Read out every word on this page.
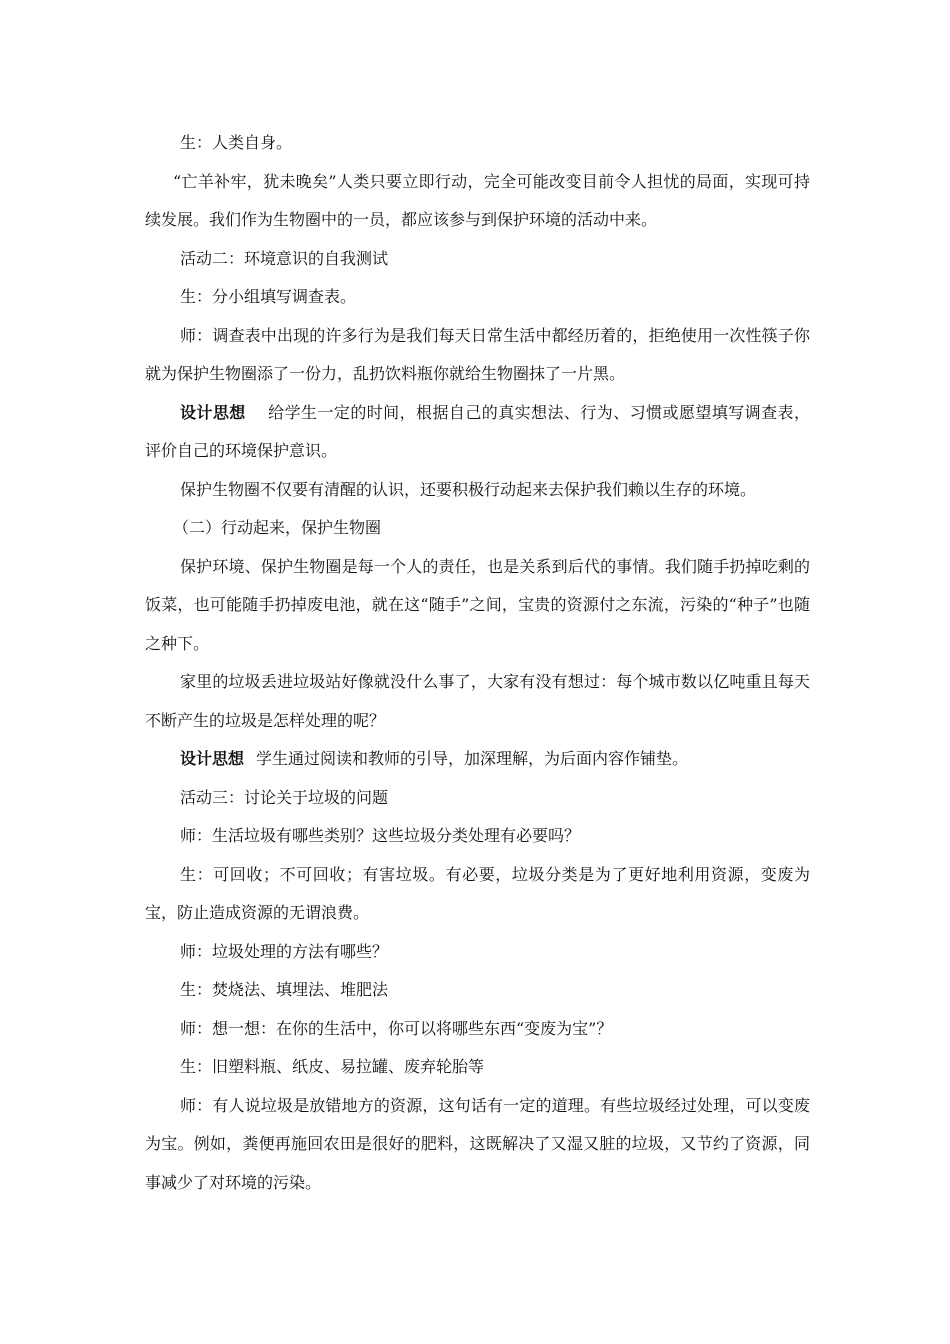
生：人类自身。

“亡羊补牢，犹未晚矣”人类只要立即行动，完全可能改变目前令人担忧的局面，实现可持续发展。我们作为生物圈中的一员，都应该参与到保护环境的活动中来。

活动二：环境意识的自我测试

生：分小组填写调查表。

师：调查表中出现的许多行为是我们每天日常生活中都经历着的，拒绝使用一次性筷子你就为保护生物圈添了一份力，乱扔饮料瓶你就给生物圈抹了一片黑。

设计思想 给学生一定的时间，根据自己的真实想法、行为、习惯或愿望填写调查表，评价自己的环境保护意识。

保护生物圈不仅要有清醒的认识，还要积极行动起来去保护我们赖以生存的环境。

（二）行动起来，保护生物圈

保护环境、保护生物圈是每一个人的责任，也是关系到后代的事情。我们随手扔掉吃剩的饭菜，也可能随手扔掉废电池，就在这“随手”之间，宝贵的资源付之东流，污染的“种子”也随之种下。

家里的垃圾丢进垃圾站好像就没什么事了，大家有没有想过：每个城市数以亿吨重且每天不断产生的垃圾是怎样处理的呢？

设计思想 学生通过阅读和教师的引导，加深理解，为后面内容作铺垫。

活动三：讨论关于垃圾的问题

师：生活垃圾有哪些类别？这些垃圾分类处理有必要吗？

生：可回收；不可回收；有害垃圾。有必要，垃圾分类是为了更好地利用资源，变废为宝，防止造成资源的无谓浪费。

师：垃圾处理的方法有哪些？

生：焚烧法、填埋法、堆肥法

师：想一想：在你的生活中，你可以将哪些东西“变废为宝”？

生：旧塑料瓶、纸皮、易拉罐、废弃轮胎等

师：有人说垃圾是放错地方的资源，这句话有一定的道理。有些垃圾经过处理，可以变废为宝。例如，粪便再施回农田是很好的肥料，这既解决了又湿又脏的垃圾，又节约了资源，同事减少了对环境的污染。
